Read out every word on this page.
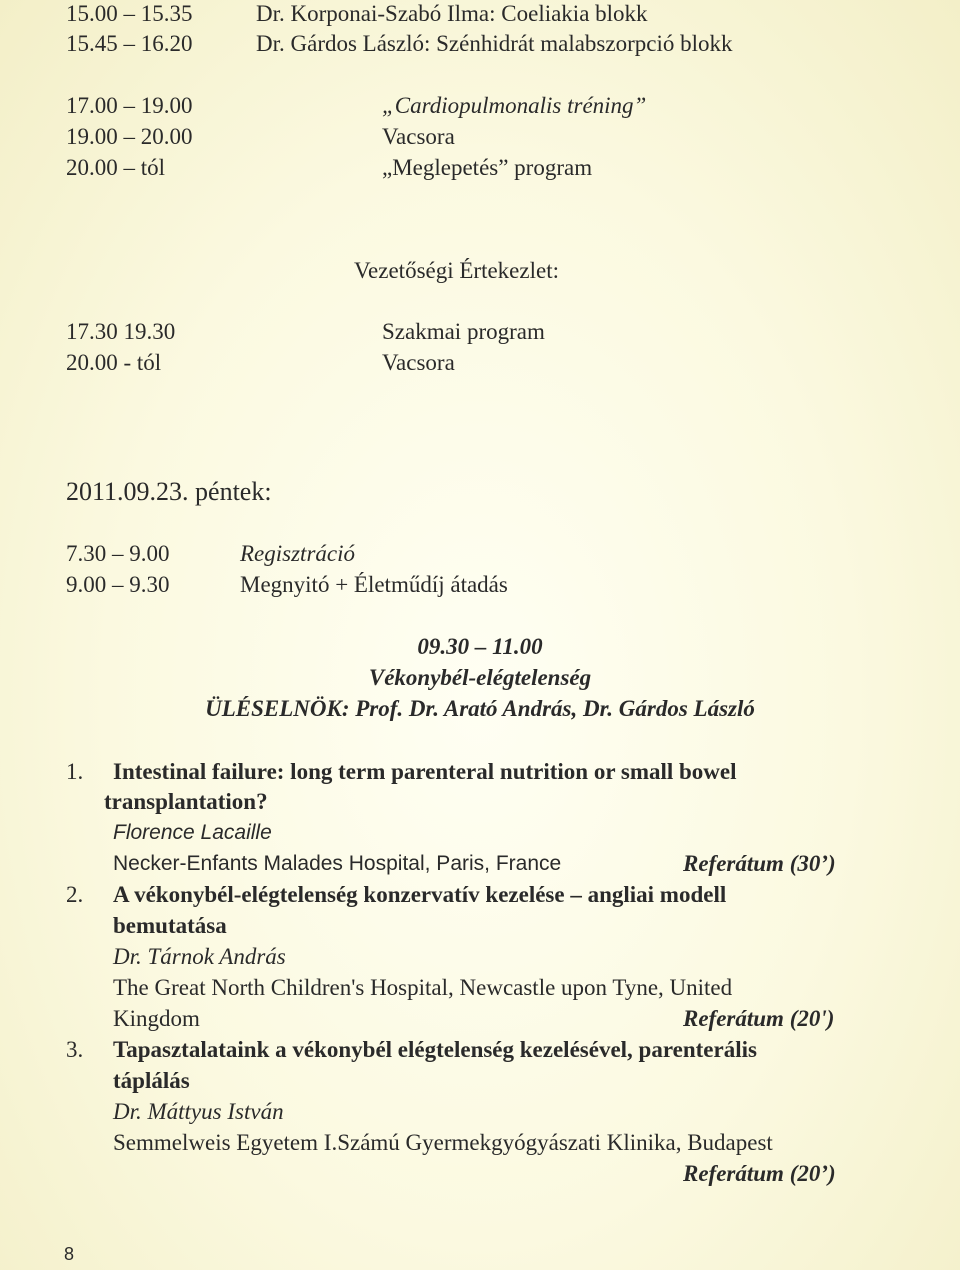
15.00 – 15.35	Dr. Korponai-Szabó Ilma: Coeliakia blokk
15.45 – 16.20	Dr. Gárdos László: Szénhidrát malabszorpció blokk
17.00 – 19.00	„Cardiopulmonalis tréning”
19.00 – 20.00	Vacsora
20.00 – tól	„Meglepetés” program
Vezetőségi Értekezlet:
17.30 19.30	Szakmai program
20.00 - tól	Vacsora
2011.09.23. péntek:
7.30 – 9.00	Regisztráció
9.00 – 9.30	Megnyitó + Életműdíj átadás
09.30 – 11.00
Vékonybél-elégtelenség
ÜLÉSELNÖK: Prof. Dr. Arató András, Dr. Gárdos László
1. Intestinal failure: long term parenteral nutrition or small bowel
transplantation?
Florence Lacaille
Necker-Enfants Malades Hospital, Paris, France	Referátum (30’)
2. A vékonybél-elégtelenség konzervatív kezelése – angliai modell
bemutatása
Dr. Tárnok András
The Great North Children's Hospital, Newcastle upon Tyne, United
Kingdom	Referátum (20')
3. Tapasztalataink a vékonybél elégtelenség kezelésével, parenterális
táplálás
Dr. Máttyus István
Semmelweis Egyetem I.Számú Gyermekgyógyászati Klinika, Budapest
Referátum (20’)
8
